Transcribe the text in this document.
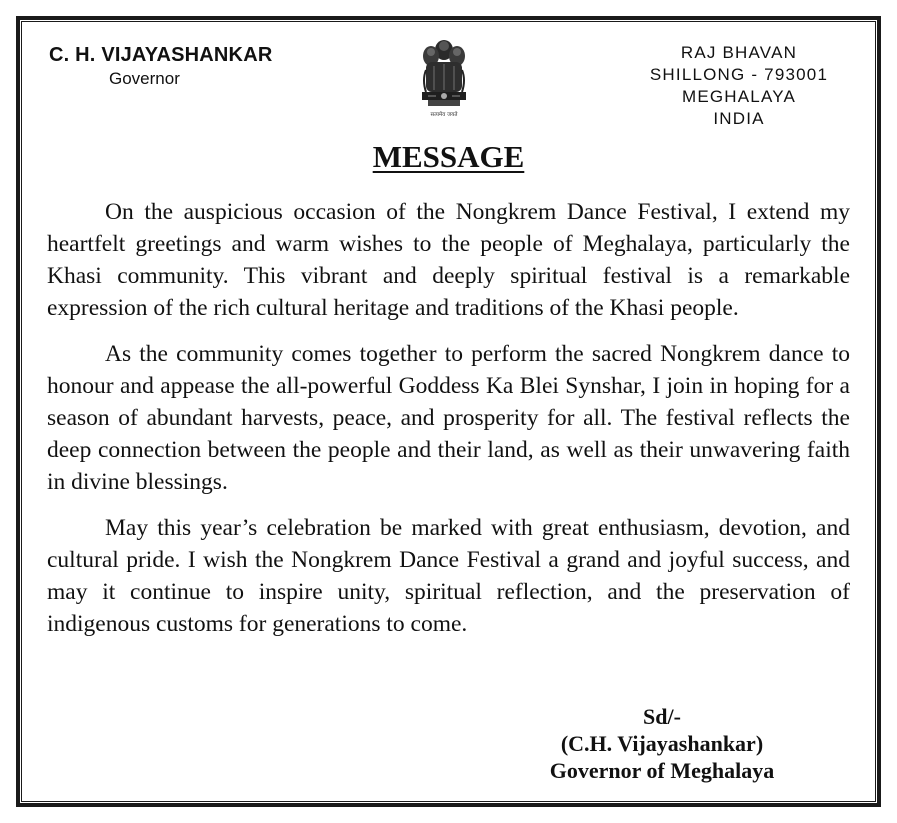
C. H. VIJAYASHANKAR
Governor
सत्यमेव जयते
RAJ BHAVAN
SHILLONG - 793001
MEGHALAYA
INDIA
MESSAGE

On the auspicious occasion of the Nongkrem Dance Festival, I extend my heartfelt greetings and warm wishes to the people of Meghalaya, particularly the Khasi community. This vibrant and deeply spiritual festival is a remarkable expression of the rich cultural heritage and traditions of the Khasi people.

As the community comes together to perform the sacred Nongkrem dance to honour and appease the all-powerful Goddess Ka Blei Synshar, I join in hoping for a season of abundant harvests, peace, and prosperity for all. The festival reflects the deep connection between the people and their land, as well as their unwavering faith in divine blessings.

May this year’s celebration be marked with great enthusiasm, devotion, and cultural pride. I wish the Nongkrem Dance Festival a grand and joyful success, and may it continue to inspire unity, spiritual reflection, and the preservation of indigenous customs for generations to come.

Sd/-
(C.H. Vijayashankar)
Governor of Meghalaya
